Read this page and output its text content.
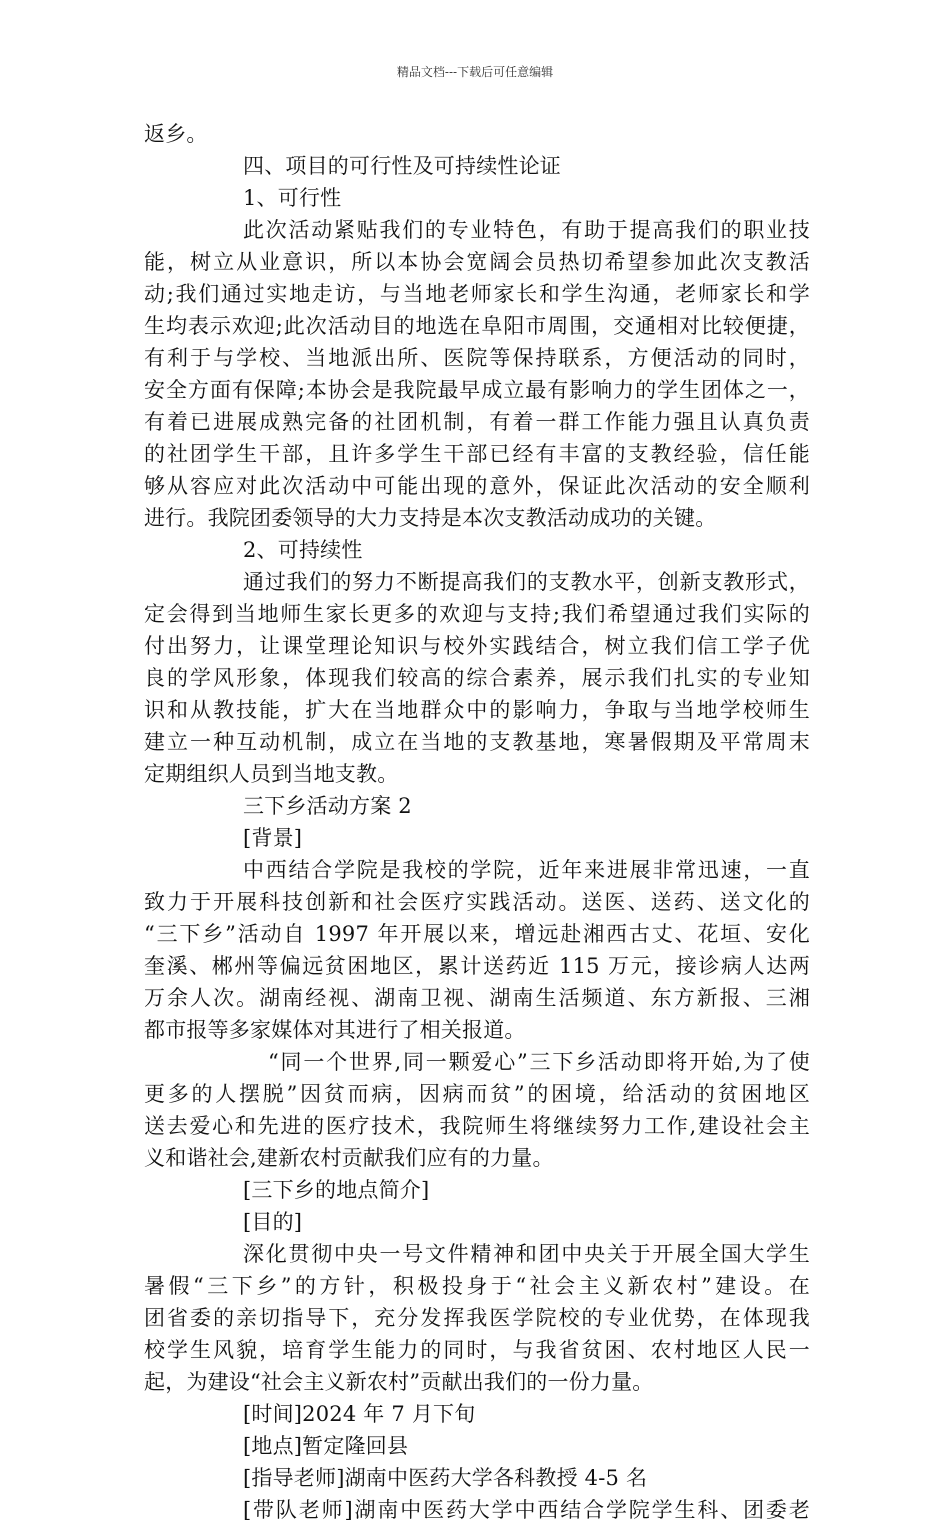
精品文档---下载后可任意编辑
返乡。
四、项目的可行性及可持续性论证
1、可行性
此次活动紧贴我们的专业特色，有助于提高我们的职业技
能，树立从业意识，所以本协会宽阔会员热切希望参加此次支教活
动;我们通过实地走访，与当地老师家长和学生沟通，老师家长和学
生均表示欢迎;此次活动目的地选在阜阳市周围，交通相对比较便捷，
有利于与学校、当地派出所、医院等保持联系，方便活动的同时，
安全方面有保障;本协会是我院最早成立最有影响力的学生团体之一，
有着已进展成熟完备的社团机制，有着一群工作能力强且认真负责
的社团学生干部，且许多学生干部已经有丰富的支教经验，信任能
够从容应对此次活动中可能出现的意外，保证此次活动的安全顺利
进行。我院团委领导的大力支持是本次支教活动成功的关键。
2、可持续性
通过我们的努力不断提高我们的支教水平，创新支教形式，
定会得到当地师生家长更多的欢迎与支持;我们希望通过我们实际的
付出努力，让课堂理论知识与校外实践结合，树立我们信工学子优
良的学风形象，体现我们较高的综合素养，展示我们扎实的专业知
识和从教技能，扩大在当地群众中的影响力，争取与当地学校师生
建立一种互动机制，成立在当地的支教基地，寒暑假期及平常周末
定期组织人员到当地支教。
三下乡活动方案 2
[背景]
中西结合学院是我校的学院，近年来进展非常迅速，一直
致力于开展科技创新和社会医疗实践活动。送医、送药、送文化的
“三下乡”活动自 1997 年开展以来，增远赴湘西古丈、花垣、安化
奎溪、郴州等偏远贫困地区，累计送药近 115 万元，接诊病人达两
万余人次。湖南经视、湖南卫视、湖南生活频道、东方新报、三湘
都市报等多家媒体对其进行了相关报道。
“同一个世界,同一颗爱心”三下乡活动即将开始,为了使
更多的人摆脱”因贫而病，因病而贫”的困境，给活动的贫困地区
送去爱心和先进的医疗技术，我院师生将继续努力工作,建设社会主
义和谐社会,建新农村贡献我们应有的力量。
[三下乡的地点简介]
[目的]
深化贯彻中央一号文件精神和团中央关于开展全国大学生
暑假“三下乡”的方针，积极投身于“社会主义新农村”建设。在
团省委的亲切指导下，充分发挥我医学院校的专业优势，在体现我
校学生风貌，培育学生能力的同时，与我省贫困、农村地区人民一
起，为建设“社会主义新农村”贡献出我们的一份力量。
[时间]2024 年 7 月下旬
[地点]暂定隆回县
[指导老师]湖南中医药大学各科教授 4-5 名
[带队老师]湖南中医药大学中西结合学院学生科、团委老
